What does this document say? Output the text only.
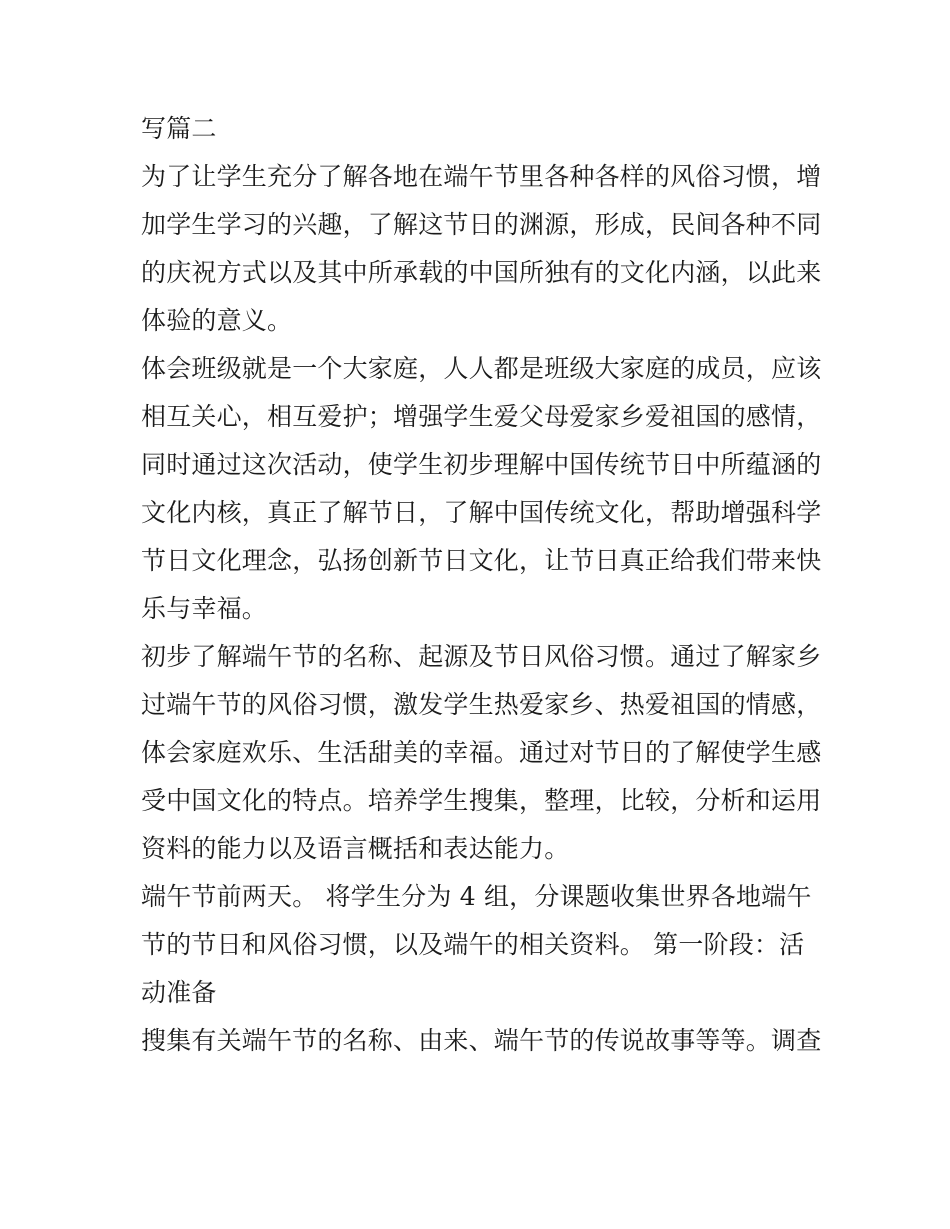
写篇二

为了让学生充分了解各地在端午节里各种各样的风俗习惯，增
加学生学习的兴趣，了解这节日的渊源，形成，民间各种不同
的庆祝方式以及其中所承载的中国所独有的文化内涵，以此来
体验的意义。

体会班级就是一个大家庭，人人都是班级大家庭的成员，应该
相互关心，相互爱护；增强学生爱父母爱家乡爱祖国的感情，
同时通过这次活动，使学生初步理解中国传统节日中所蕴涵的
文化内核，真正了解节日，了解中国传统文化，帮助增强科学
节日文化理念，弘扬创新节日文化，让节日真正给我们带来快
乐与幸福。

初步了解端午节的名称、起源及节日风俗习惯。通过了解家乡
过端午节的风俗习惯，激发学生热爱家乡、热爱祖国的情感，
体会家庭欢乐、生活甜美的幸福。通过对节日的了解使学生感
受中国文化的特点。培养学生搜集，整理，比较，分析和运用
资料的能力以及语言概括和表达能力。

端午节前两天。 将学生分为 4 组，分课题收集世界各地端午
节的节日和风俗习惯，以及端午的相关资料。 第一阶段：活
动准备

搜集有关端午节的名称、由来、端午节的传说故事等等。调查
